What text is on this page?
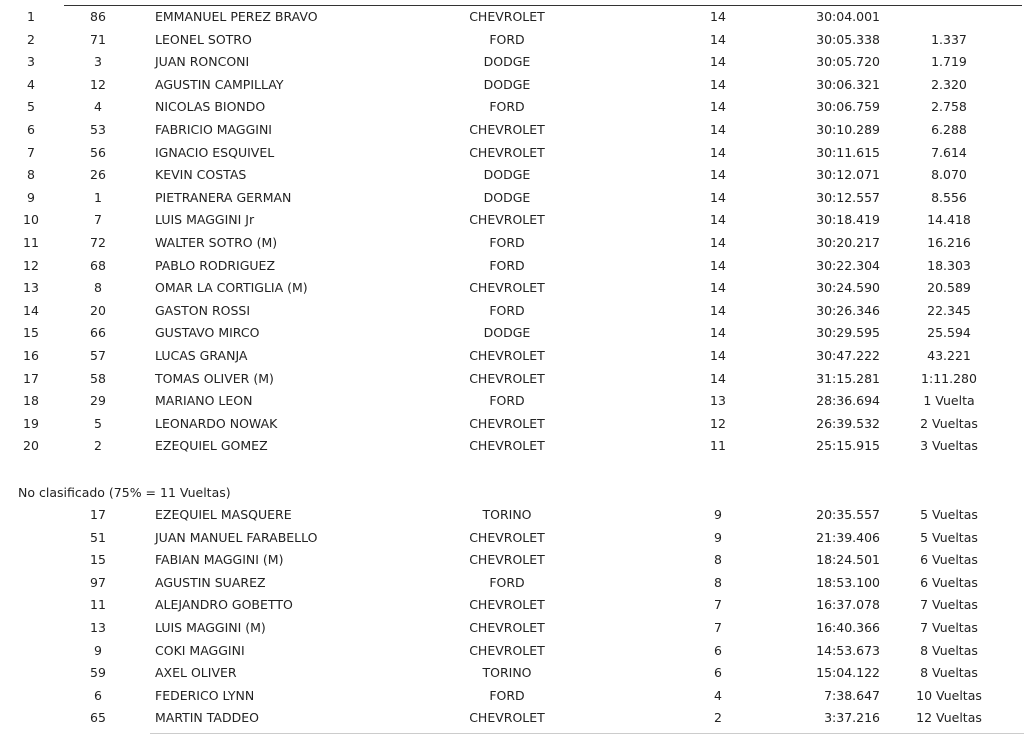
1	86	EMMANUEL PEREZ BRAVO	CHEVROLET	14	30:04.001
2	71	LEONEL SOTRO	FORD	14	30:05.338	1.337
3	3	JUAN RONCONI	DODGE	14	30:05.720	1.719
4	12	AGUSTIN CAMPILLAY	DODGE	14	30:06.321	2.320
5	4	NICOLAS BIONDO	FORD	14	30:06.759	2.758
6	53	FABRICIO MAGGINI	CHEVROLET	14	30:10.289	6.288
7	56	IGNACIO ESQUIVEL	CHEVROLET	14	30:11.615	7.614
8	26	KEVIN COSTAS	DODGE	14	30:12.071	8.070
9	1	PIETRANERA GERMAN	DODGE	14	30:12.557	8.556
10	7	LUIS MAGGINI Jr	CHEVROLET	14	30:18.419	14.418
11	72	WALTER SOTRO (M)	FORD	14	30:20.217	16.216
12	68	PABLO RODRIGUEZ	FORD	14	30:22.304	18.303
13	8	OMAR LA CORTIGLIA (M)	CHEVROLET	14	30:24.590	20.589
14	20	GASTON ROSSI	FORD	14	30:26.346	22.345
15	66	GUSTAVO MIRCO	DODGE	14	30:29.595	25.594
16	57	LUCAS GRANJA	CHEVROLET	14	30:47.222	43.221
17	58	TOMAS OLIVER (M)	CHEVROLET	14	31:15.281	1:11.280
18	29	MARIANO LEON	FORD	13	28:36.694	1 Vuelta
19	5	LEONARDO NOWAK	CHEVROLET	12	26:39.532	2 Vueltas
20	2	EZEQUIEL GOMEZ	CHEVROLET	11	25:15.915	3 Vueltas
No clasificado (75% = 11 Vueltas)
17	EZEQUIEL MASQUERE	TORINO	9	20:35.557	5 Vueltas
51	JUAN MANUEL FARABELLO	CHEVROLET	9	21:39.406	5 Vueltas
15	FABIAN MAGGINI (M)	CHEVROLET	8	18:24.501	6 Vueltas
97	AGUSTIN SUAREZ	FORD	8	18:53.100	6 Vueltas
11	ALEJANDRO GOBETTO	CHEVROLET	7	16:37.078	7 Vueltas
13	LUIS MAGGINI (M)	CHEVROLET	7	16:40.366	7 Vueltas
9	COKI MAGGINI	CHEVROLET	6	14:53.673	8 Vueltas
59	AXEL OLIVER	TORINO	6	15:04.122	8 Vueltas
6	FEDERICO LYNN	FORD	4	7:38.647	10 Vueltas
65	MARTIN TADDEO	CHEVROLET	2	3:37.216	12 Vueltas
